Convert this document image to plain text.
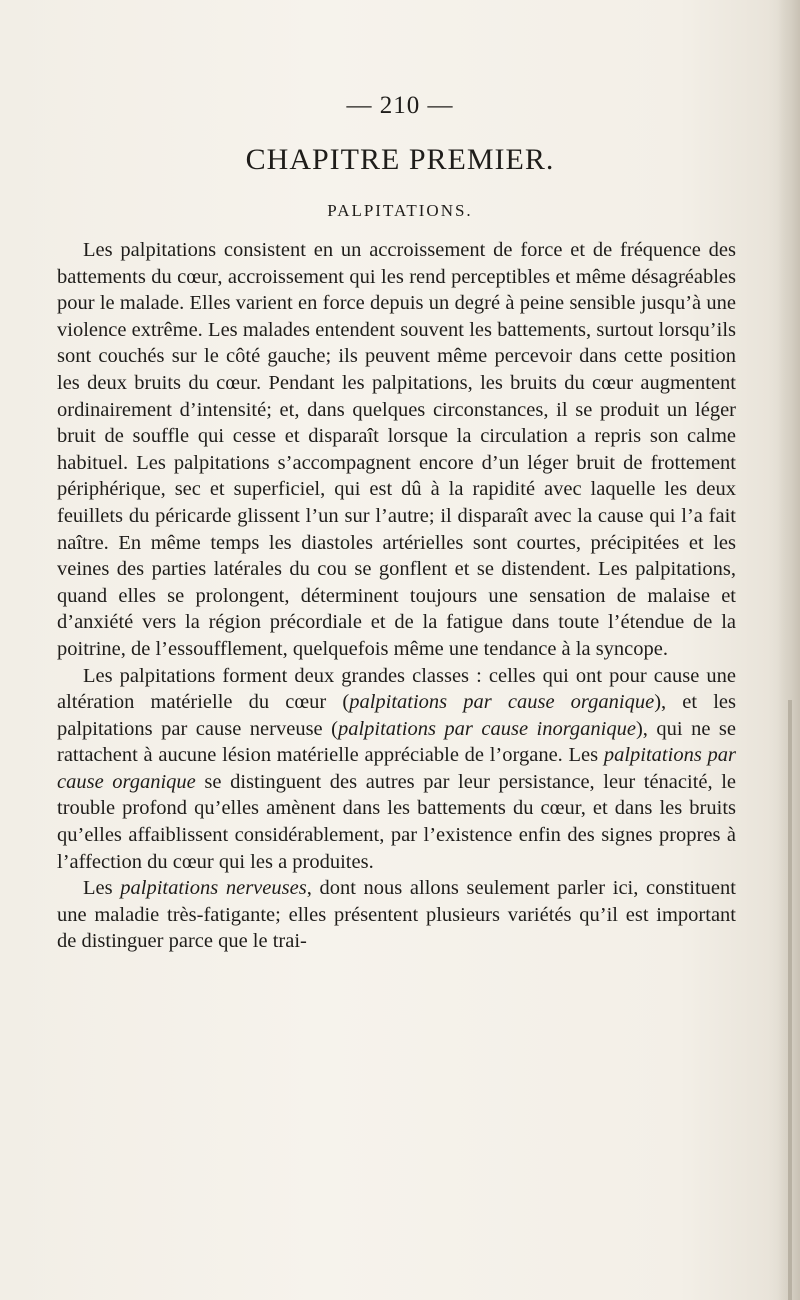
— 210 —
CHAPITRE PREMIER.
PALPITATIONS.

Les palpitations consistent en un accroissement de force et de fréquence des battements du cœur, accroissement qui les rend perceptibles et même désagréables pour le malade. Elles varient en force depuis un degré à peine sensible jusqu’à une violence extrême. Les malades entendent souvent les battements, surtout lorsqu’ils sont couchés sur le côté gauche; ils peuvent même percevoir dans cette position les deux bruits du cœur. Pendant les palpitations, les bruits du cœur augmentent ordinairement d’intensité; et, dans quelques circonstances, il se produit un léger bruit de souffle qui cesse et disparaît lorsque la circulation a repris son calme habituel. Les palpitations s’accompagnent encore d’un léger bruit de frottement périphérique, sec et superficiel, qui est dû à la rapidité avec laquelle les deux feuillets du péricarde glissent l’un sur l’autre; il disparaît avec la cause qui l’a fait naître. En même temps les diastoles artérielles sont courtes, précipitées et les veines des parties latérales du cou se gonflent et se distendent. Les palpitations, quand elles se prolongent, déterminent toujours une sensation de malaise et d’anxiété vers la région précordiale et de la fatigue dans toute l’étendue de la poitrine, de l’essoufflement, quelquefois même une tendance à la syncope.

Les palpitations forment deux grandes classes : celles qui ont pour cause une altération matérielle du cœur (palpitations par cause organique), et les palpitations par cause nerveuse (palpitations par cause inorganique), qui ne se rattachent à aucune lésion matérielle appréciable de l’organe. Les palpitations par cause organique se distinguent des autres par leur persistance, leur ténacité, le trouble profond qu’elles amènent dans les battements du cœur, et dans les bruits qu’elles affaiblissent considérablement, par l’existence enfin des signes propres à l’affection du cœur qui les a produites.

Les palpitations nerveuses, dont nous allons seulement parler ici, constituent une maladie très-fatigante; elles présentent plusieurs variétés qu’il est important de distinguer parce que le trai-
